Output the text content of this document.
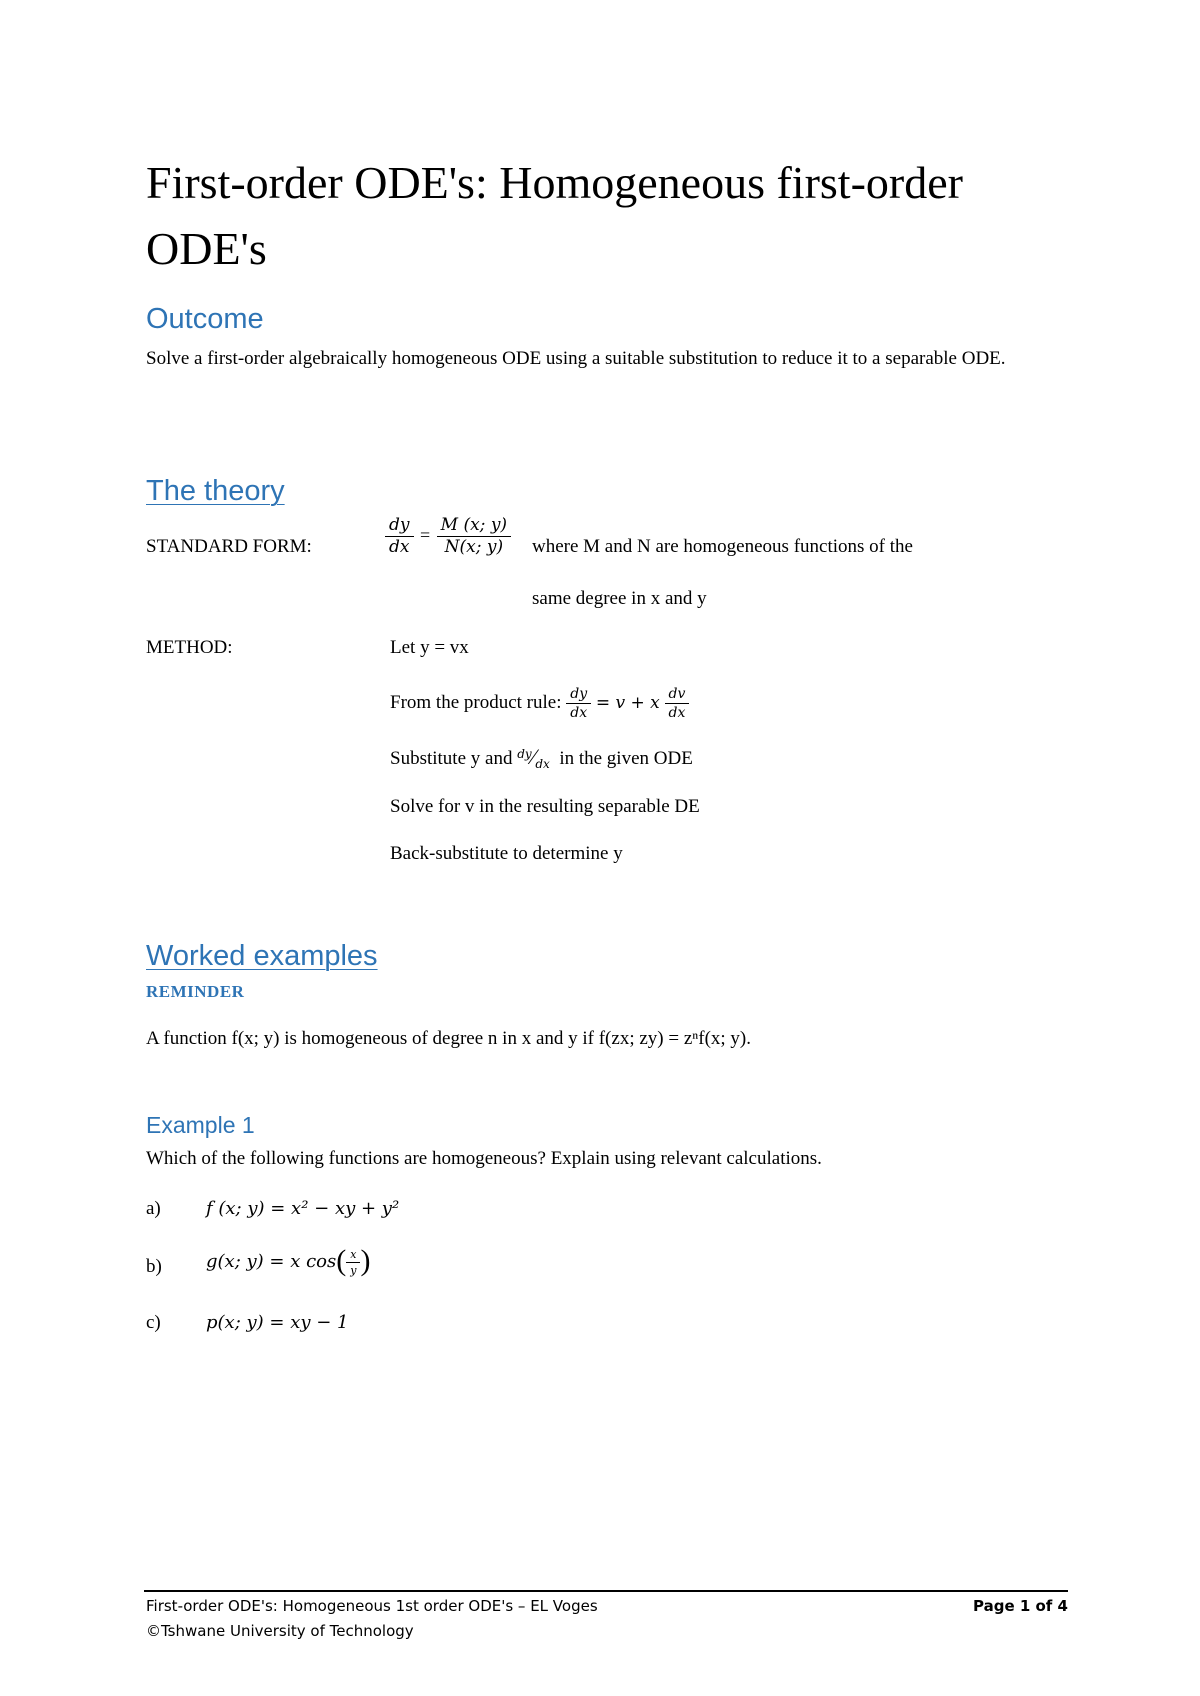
First-order ODE's: Homogeneous first-order ODE's
Outcome
Solve a first-order algebraically homogeneous ODE using a suitable substitution to reduce it to a separable ODE.
The theory
STANDARD FORM:	$\frac{dy}{dx} = \frac{M (x; y)}{N(x; y)}$ where M and N are homogeneous functions of the
same degree in x and y
METHOD:	Let y = vx
From the product rule: $\frac{dy}{dx} = v + x \frac{dv}{dx}$
Substitute y and $^{dy}⁄_{dx}$ in the given ODE
Solve for v in the resulting separable DE
Back-substitute to determine y
Worked examples
REMINDER
A function f(x; y) is homogeneous of degree n in x and y if f(zx; zy) = zⁿf(x; y).
Example 1
Which of the following functions are homogeneous? Explain using relevant calculations.
a)	f (x; y) = x² − xy + y²
b) g(x; y) = x $\cos( \frac{x}{y}$ )
c)	p(x; y) = xy − 1
First-order ODE's: Homogeneous 1st order ODE's – EL Voges	Page 1 of 4
©Tshwane University of Technology
